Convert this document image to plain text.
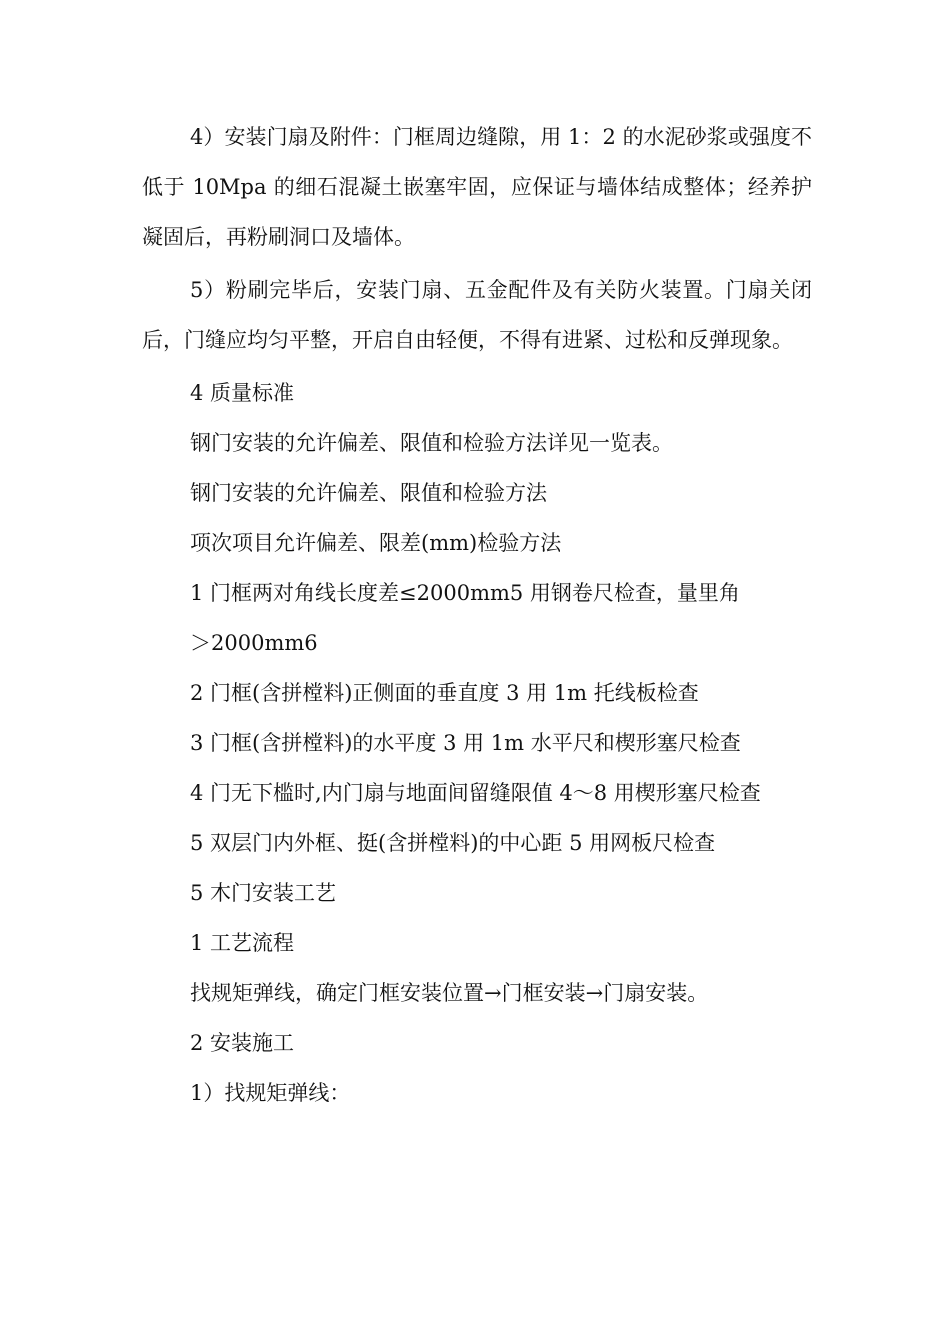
4）安装门扇及附件：门框周边缝隙，用 1：2 的水泥砂浆或强度不低于 10Mpa 的细石混凝土嵌塞牢固，应保证与墙体结成整体；经养护凝固后，再粉刷洞口及墙体。

5）粉刷完毕后，安装门扇、五金配件及有关防火装置。门扇关闭后，门缝应均匀平整，开启自由轻便，不得有进紧、过松和反弹现象。

4 质量标准
钢门安装的允许偏差、限值和检验方法详见一览表。
钢门安装的允许偏差、限值和检验方法
项次项目允许偏差、限差(mm)检验方法
1 门框两对角线长度差≤2000mm5 用钢卷尺检查，量里角
＞2000mm6
2 门框(含拼樘料)正侧面的垂直度 3 用 1m 托线板检查
3 门框(含拼樘料)的水平度 3 用 1m 水平尺和楔形塞尺检查
4 门无下槛时,内门扇与地面间留缝限值 4～8 用楔形塞尺检查
5 双层门内外框、挺(含拼樘料)的中心距 5 用网板尺检查
5 木门安装工艺
1 工艺流程
找规矩弹线，确定门框安装位置→门框安装→门扇安装。
2 安装施工
1）找规矩弹线：
